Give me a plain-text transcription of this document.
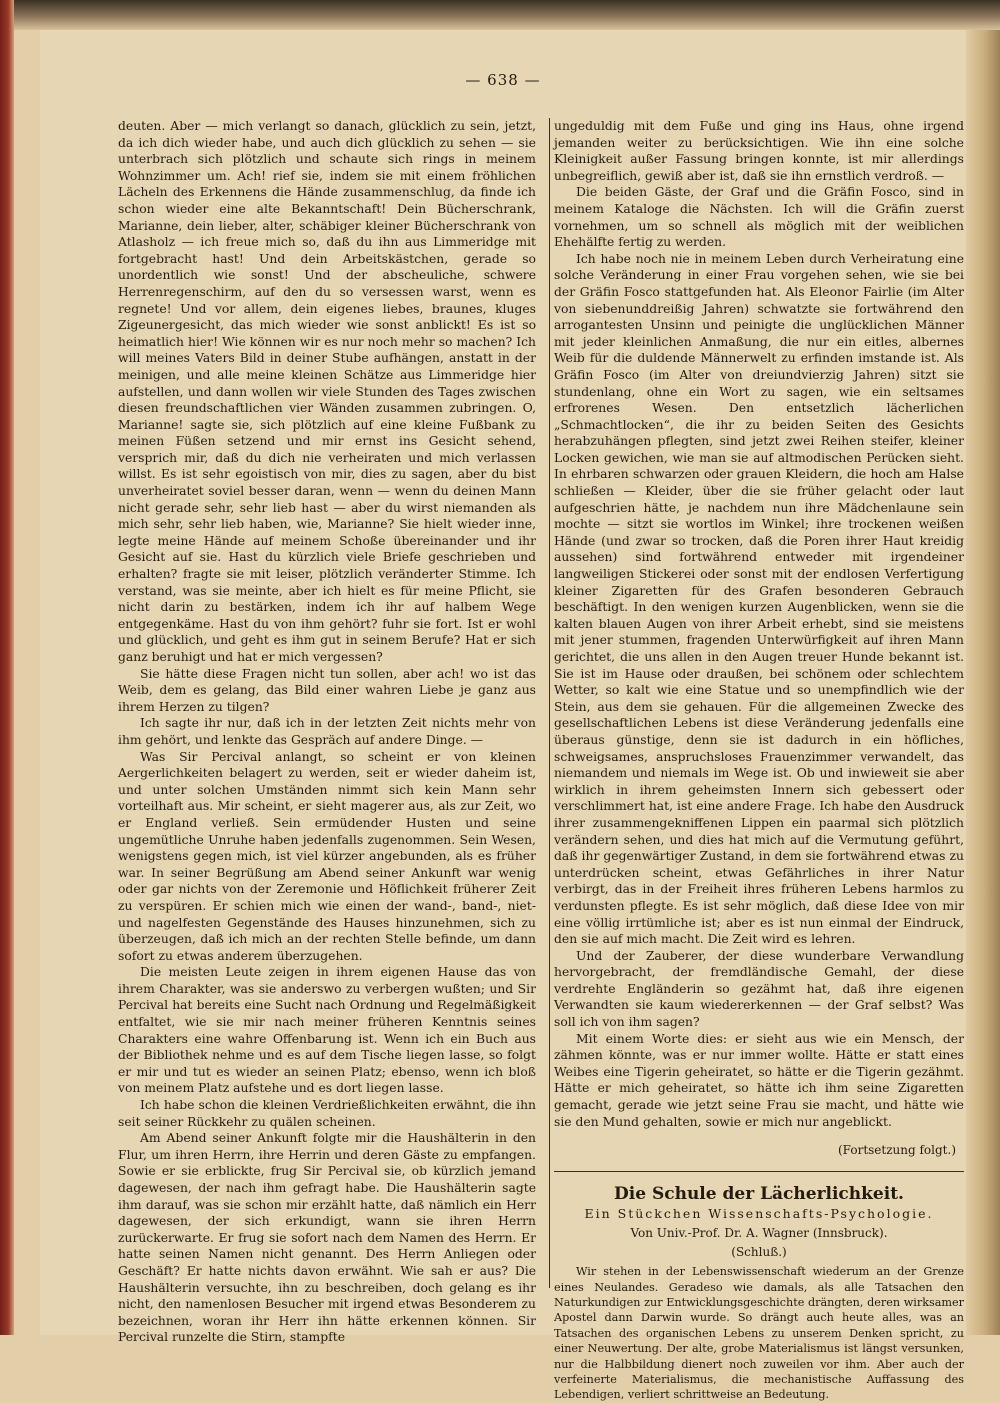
— 638 —

deuten. Aber — mich verlangt so danach, glücklich zu sein, jetzt, da ich dich wieder habe, und auch dich glücklich zu sehen — sie unterbrach sich plötzlich und schaute sich rings in meinem Wohnzimmer um. Ach! rief sie, indem sie mit einem fröhlichen Lächeln des Erkennens die Hände zusammenschlug, da finde ich schon wieder eine alte Bekanntschaft! Dein Bücherschrank, Marianne, dein lieber, alter, schäbiger kleiner Bücherschrank von Atlasholz — ich freue mich so, daß du ihn aus Limmeridge mit fortgebracht hast! Und dein Arbeitskästchen, gerade so unordentlich wie sonst! Und der abscheuliche, schwere Herrenregenschirm, auf den du so versessen warst, wenn es regnete! Und vor allem, dein eigenes liebes, braunes, kluges Zigeunergesicht, das mich wieder wie sonst anblickt! Es ist so heimatlich hier! Wie können wir es nur noch mehr so machen? Ich will meines Vaters Bild in deiner Stube aufhängen, anstatt in der meinigen, und alle meine kleinen Schätze aus Limmeridge hier aufstellen, und dann wollen wir viele Stunden des Tages zwischen diesen freundschaftlichen vier Wänden zusammen zubringen. O, Marianne! sagte sie, sich plötzlich auf eine kleine Fußbank zu meinen Füßen setzend und mir ernst ins Gesicht sehend, versprich mir, daß du dich nie verheiraten und mich verlassen willst. Es ist sehr egoistisch von mir, dies zu sagen, aber du bist unverheiratet soviel besser daran, wenn — wenn du deinen Mann nicht gerade sehr, sehr lieb hast — aber du wirst niemanden als mich sehr, sehr lieb haben, wie, Marianne? Sie hielt wieder inne, legte meine Hände auf meinem Schoße übereinander und ihr Gesicht auf sie. Hast du kürzlich viele Briefe geschrieben und erhalten? fragte sie mit leiser, plötzlich veränderter Stimme. Ich verstand, was sie meinte, aber ich hielt es für meine Pflicht, sie nicht darin zu bestärken, indem ich ihr auf halbem Wege entgegenkäme. Hast du von ihm gehört? fuhr sie fort. Ist er wohl und glücklich, und geht es ihm gut in seinem Berufe? Hat er sich ganz beruhigt und hat er mich vergessen?

Sie hätte diese Fragen nicht tun sollen, aber ach! wo ist das Weib, dem es gelang, das Bild einer wahren Liebe je ganz aus ihrem Herzen zu tilgen?

Ich sagte ihr nur, daß ich in der letzten Zeit nichts mehr von ihm gehört, und lenkte das Gespräch auf andere Dinge. —

Was Sir Percival anlangt, so scheint er von kleinen Aergerlichkeiten belagert zu werden, seit er wieder daheim ist, und unter solchen Umständen nimmt sich kein Mann sehr vorteilhaft aus. Mir scheint, er sieht magerer aus, als zur Zeit, wo er England verließ. Sein ermüdender Husten und seine ungemütliche Unruhe haben jedenfalls zugenommen. Sein Wesen, wenigstens gegen mich, ist viel kürzer angebunden, als es früher war. In seiner Begrüßung am Abend seiner Ankunft war wenig oder gar nichts von der Zeremonie und Höflichkeit früherer Zeit zu verspüren. Er schien mich wie einen der wand-, band-, niet- und nagelfesten Gegenstände des Hauses hinzunehmen, sich zu überzeugen, daß ich mich an der rechten Stelle befinde, um dann sofort zu etwas anderem überzugehen.

Die meisten Leute zeigen in ihrem eigenen Hause das von ihrem Charakter, was sie anderswo zu verbergen wußten; und Sir Percival hat bereits eine Sucht nach Ordnung und Regelmäßigkeit entfaltet, wie sie mir nach meiner früheren Kenntnis seines Charakters eine wahre Offenbarung ist. Wenn ich ein Buch aus der Bibliothek nehme und es auf dem Tische liegen lasse, so folgt er mir und tut es wieder an seinen Platz; ebenso, wenn ich bloß von meinem Platz aufstehe und es dort liegen lasse.

Ich habe schon die kleinen Verdrießlichkeiten erwähnt, die ihn seit seiner Rückkehr zu quälen scheinen.

Am Abend seiner Ankunft folgte mir die Haushälterin in den Flur, um ihren Herrn, ihre Herrin und deren Gäste zu empfangen. Sowie er sie erblickte, frug Sir Percival sie, ob kürzlich jemand dagewesen, der nach ihm gefragt habe. Die Haushälterin sagte ihm darauf, was sie schon mir erzählt hatte, daß nämlich ein Herr dagewesen, der sich erkundigt, wann sie ihren Herrn zurückerwarte. Er frug sie sofort nach dem Namen des Herrn. Er hatte seinen Namen nicht genannt. Des Herrn Anliegen oder Geschäft? Er hatte nichts davon erwähnt. Wie sah er aus? Die Haushälterin versuchte, ihn zu beschreiben, doch gelang es ihr nicht, den namenlosen Besucher mit irgend etwas Besonderem zu bezeichnen, woran ihr Herr ihn hätte erkennen können. Sir Percival runzelte die Stirn, stampfte

ungeduldig mit dem Fuße und ging ins Haus, ohne irgend jemanden weiter zu berücksichtigen. Wie ihn eine solche Kleinigkeit außer Fassung bringen konnte, ist mir allerdings unbegreiflich, gewiß aber ist, daß sie ihn ernstlich verdroß. —

Die beiden Gäste, der Graf und die Gräfin Fosco, sind in meinem Kataloge die Nächsten. Ich will die Gräfin zuerst vornehmen, um so schnell als möglich mit der weiblichen Ehehälfte fertig zu werden.

Ich habe noch nie in meinem Leben durch Verheiratung eine solche Veränderung in einer Frau vorgehen sehen, wie sie bei der Gräfin Fosco stattgefunden hat. Als Eleonor Fairlie (im Alter von siebenunddreißig Jahren) schwatzte sie fortwährend den arrogantesten Unsinn und peinigte die unglücklichen Männer mit jeder kleinlichen Anmaßung, die nur ein eitles, albernes Weib für die duldende Männerwelt zu erfinden imstande ist. Als Gräfin Fosco (im Alter von dreiundvierzig Jahren) sitzt sie stundenlang, ohne ein Wort zu sagen, wie ein seltsames erfrorenes Wesen. Den entsetzlich lächerlichen „Schmachtlocken“, die ihr zu beiden Seiten des Gesichts herabzuhängen pflegten, sind jetzt zwei Reihen steifer, kleiner Locken gewichen, wie man sie auf altmodischen Perücken sieht. In ehrbaren schwarzen oder grauen Kleidern, die hoch am Halse schließen — Kleider, über die sie früher gelacht oder laut aufgeschrien hätte, je nachdem nun ihre Mädchenlaune sein mochte — sitzt sie wortlos im Winkel; ihre trockenen weißen Hände (und zwar so trocken, daß die Poren ihrer Haut kreidig aussehen) sind fortwährend entweder mit irgendeiner langweiligen Stickerei oder sonst mit der endlosen Verfertigung kleiner Zigaretten für des Grafen besonderen Gebrauch beschäftigt. In den wenigen kurzen Augenblicken, wenn sie die kalten blauen Augen von ihrer Arbeit erhebt, sind sie meistens mit jener stummen, fragenden Unterwürfigkeit auf ihren Mann gerichtet, die uns allen in den Augen treuer Hunde bekannt ist. Sie ist im Hause oder draußen, bei schönem oder schlechtem Wetter, so kalt wie eine Statue und so unempfindlich wie der Stein, aus dem sie gehauen. Für die allgemeinen Zwecke des gesellschaftlichen Lebens ist diese Veränderung jedenfalls eine überaus günstige, denn sie ist dadurch in ein höfliches, schweigsames, anspruchsloses Frauenzimmer verwandelt, das niemandem und niemals im Wege ist. Ob und inwieweit sie aber wirklich in ihrem geheimsten Innern sich gebessert oder verschlimmert hat, ist eine andere Frage. Ich habe den Ausdruck ihrer zusammengekniffenen Lippen ein paarmal sich plötzlich verändern sehen, und dies hat mich auf die Vermutung geführt, daß ihr gegenwärtiger Zustand, in dem sie fortwährend etwas zu unterdrücken scheint, etwas Gefährliches in ihrer Natur verbirgt, das in der Freiheit ihres früheren Lebens harmlos zu verdunsten pflegte. Es ist sehr möglich, daß diese Idee von mir eine völlig irrtümliche ist; aber es ist nun einmal der Eindruck, den sie auf mich macht. Die Zeit wird es lehren.

Und der Zauberer, der diese wunderbare Verwandlung hervorgebracht, der fremdländische Gemahl, der diese verdrehte Engländerin so gezähmt hat, daß ihre eigenen Verwandten sie kaum wiedererkennen — der Graf selbst? Was soll ich von ihm sagen?

Mit einem Worte dies: er sieht aus wie ein Mensch, der zähmen könnte, was er nur immer wollte. Hätte er statt eines Weibes eine Tigerin geheiratet, so hätte er die Tigerin gezähmt. Hätte er mich geheiratet, so hätte ich ihm seine Zigaretten gemacht, gerade wie jetzt seine Frau sie macht, und hätte wie sie den Mund gehalten, sowie er mich nur angeblickt.

(Fortsetzung folgt.)
Die Schule der Lächerlichkeit.
Ein Stückchen Wissenschafts-Psychologie.
Von Univ.-Prof. Dr. A. Wagner (Innsbruck).
(Schluß.)

Wir stehen in der Lebenswissenschaft wiederum an der Grenze eines Neulandes. Geradeso wie damals, als alle Tatsachen den Naturkundigen zur Entwicklungsgeschichte drängten, deren wirksamer Apostel dann Darwin wurde. So drängt auch heute alles, was an Tatsachen des organischen Lebens zu unserem Denken spricht, zu einer Neuwertung. Der alte, grobe Materialismus ist längst versunken, nur die Halbbildung dienert noch zuweilen vor ihm. Aber auch der verfeinerte Materialismus, die mechanistische Auffassung des Lebendigen, verliert schrittweise an Bedeutung.
